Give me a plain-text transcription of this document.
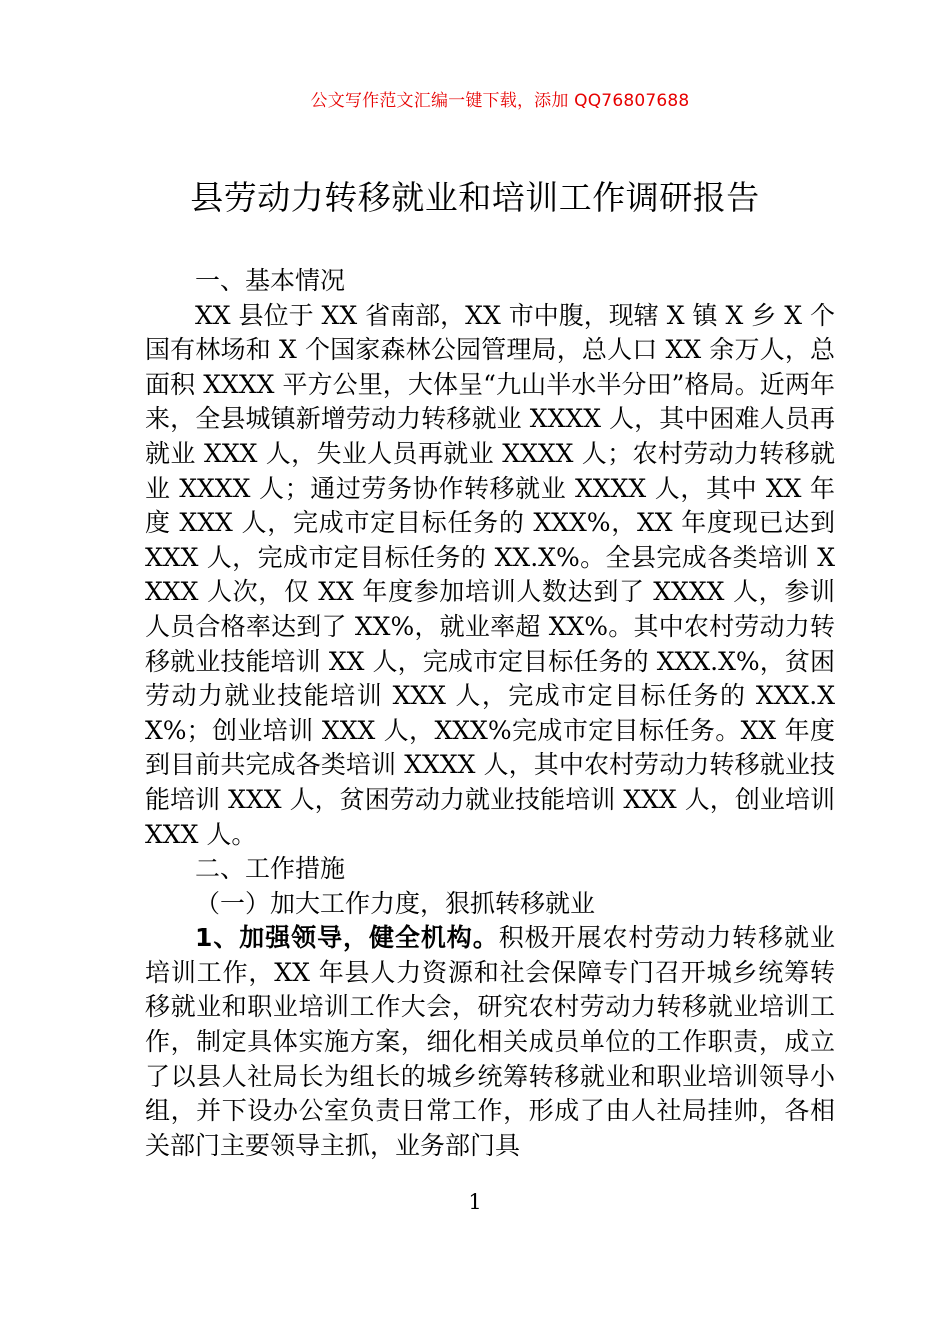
公文写作范文汇编一键下载，添加 QQ76807688
县劳动力转移就业和培训工作调研报告

一、基本情况

XX 县位于 XX 省南部，XX 市中腹，现辖 X 镇 X 乡 X 个国有林场和 X 个国家森林公园管理局，总人口 XX 余万人，总面积 XXXX 平方公里，大体呈“九山半水半分田”格局。近两年来，全县城镇新增劳动力转移就业 XXXX 人，其中困难人员再就业 XXX 人，失业人员再就业 XXXX 人；农村劳动力转移就业 XXXX 人；通过劳务协作转移就业 XXXX 人，其中 XX 年度 XXX 人，完成市定目标任务的 XXX%，XX 年度现已达到 XXX 人，完成市定目标任务的 XX.X%。全县完成各类培训 XXXX 人次，仅 XX 年度参加培训人数达到了 XXXX 人，参训人员合格率达到了 XX%，就业率超 XX%。其中农村劳动力转移就业技能培训 XX 人，完成市定目标任务的 XXX.X%，贫困劳动力就业技能培训 XXX 人，完成市定目标任务的 XXX.XX%；创业培训 XXX 人，XXX%完成市定目标任务。XX 年度到目前共完成各类培训 XXXX 人，其中农村劳动力转移就业技能培训 XXX 人，贫困劳动力就业技能培训 XXX 人，创业培训 XXX 人。

二、工作措施

（一）加大工作力度，狠抓转移就业

1、加强领导，健全机构。积极开展农村劳动力转移就业培训工作，XX 年县人力资源和社会保障专门召开城乡统筹转移就业和职业培训工作大会，研究农村劳动力转移就业培训工作，制定具体实施方案，细化相关成员单位的工作职责，成立了以县人社局长为组长的城乡统筹转移就业和职业培训领导小组，并下设办公室负责日常工作，形成了由人社局挂帅，各相关部门主要领导主抓，业务部门具

1
